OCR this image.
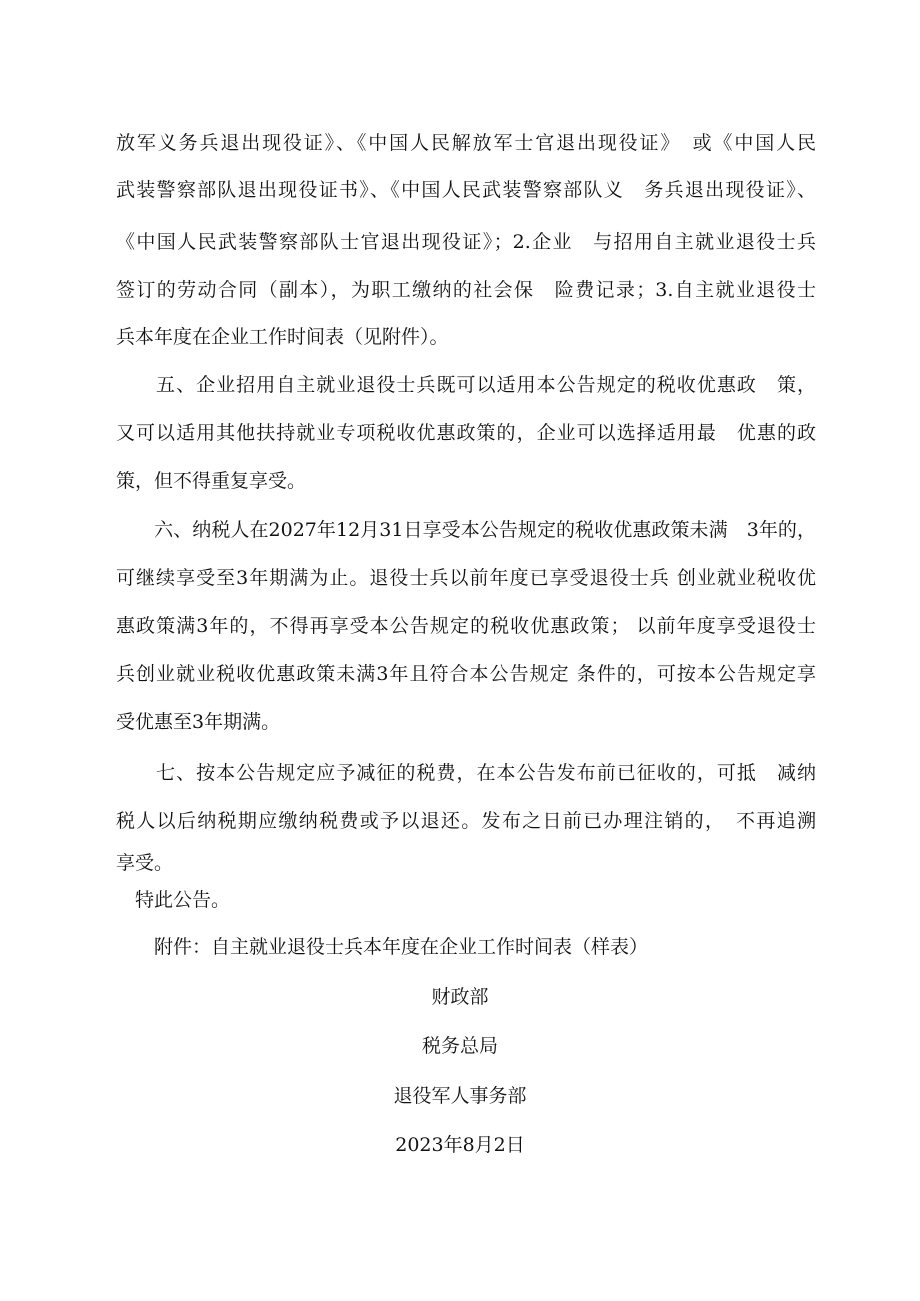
放军义务兵退出现役证》、《中国人民解放军士官退出现役证》　或《中国人民
武装警察部队退出现役证书》、《中国人民武装警察部队义　务兵退出现役证》、
《中国人民武装警察部队士官退出现役证》；2.企业　与招用自主就业退役士兵
签订的劳动合同（副本），为职工缴纳的社会保　险费记录；3.自主就业退役士
兵本年度在企业工作时间表（见附件）。
　　五、企业招用自主就业退役士兵既可以适用本公告规定的税收优惠政　策，
又可以适用其他扶持就业专项税收优惠政策的，企业可以选择适用最　优惠的政
策，但不得重复享受。
　　六、纳税人在2027年12月31日享受本公告规定的税收优惠政策未满　3年的，
可继续享受至3年期满为止。退役士兵以前年度已享受退役士兵 创业就业税收优
惠政策满3年的，不得再享受本公告规定的税收优惠政策； 以前年度享受退役士
兵创业就业税收优惠政策未满3年且符合本公告规定 条件的，可按本公告规定享
受优惠至3年期满。
　　七、按本公告规定应予减征的税费，在本公告发布前已征收的，可抵　减纳
税人以后纳税期应缴纳税费或予以退还。发布之日前已办理注销的，　不再追溯
享受。
　特此公告。
　　附件：自主就业退役士兵本年度在企业工作时间表（样表）
财政部
税务总局
退役军人事务部
2023年8月2日
